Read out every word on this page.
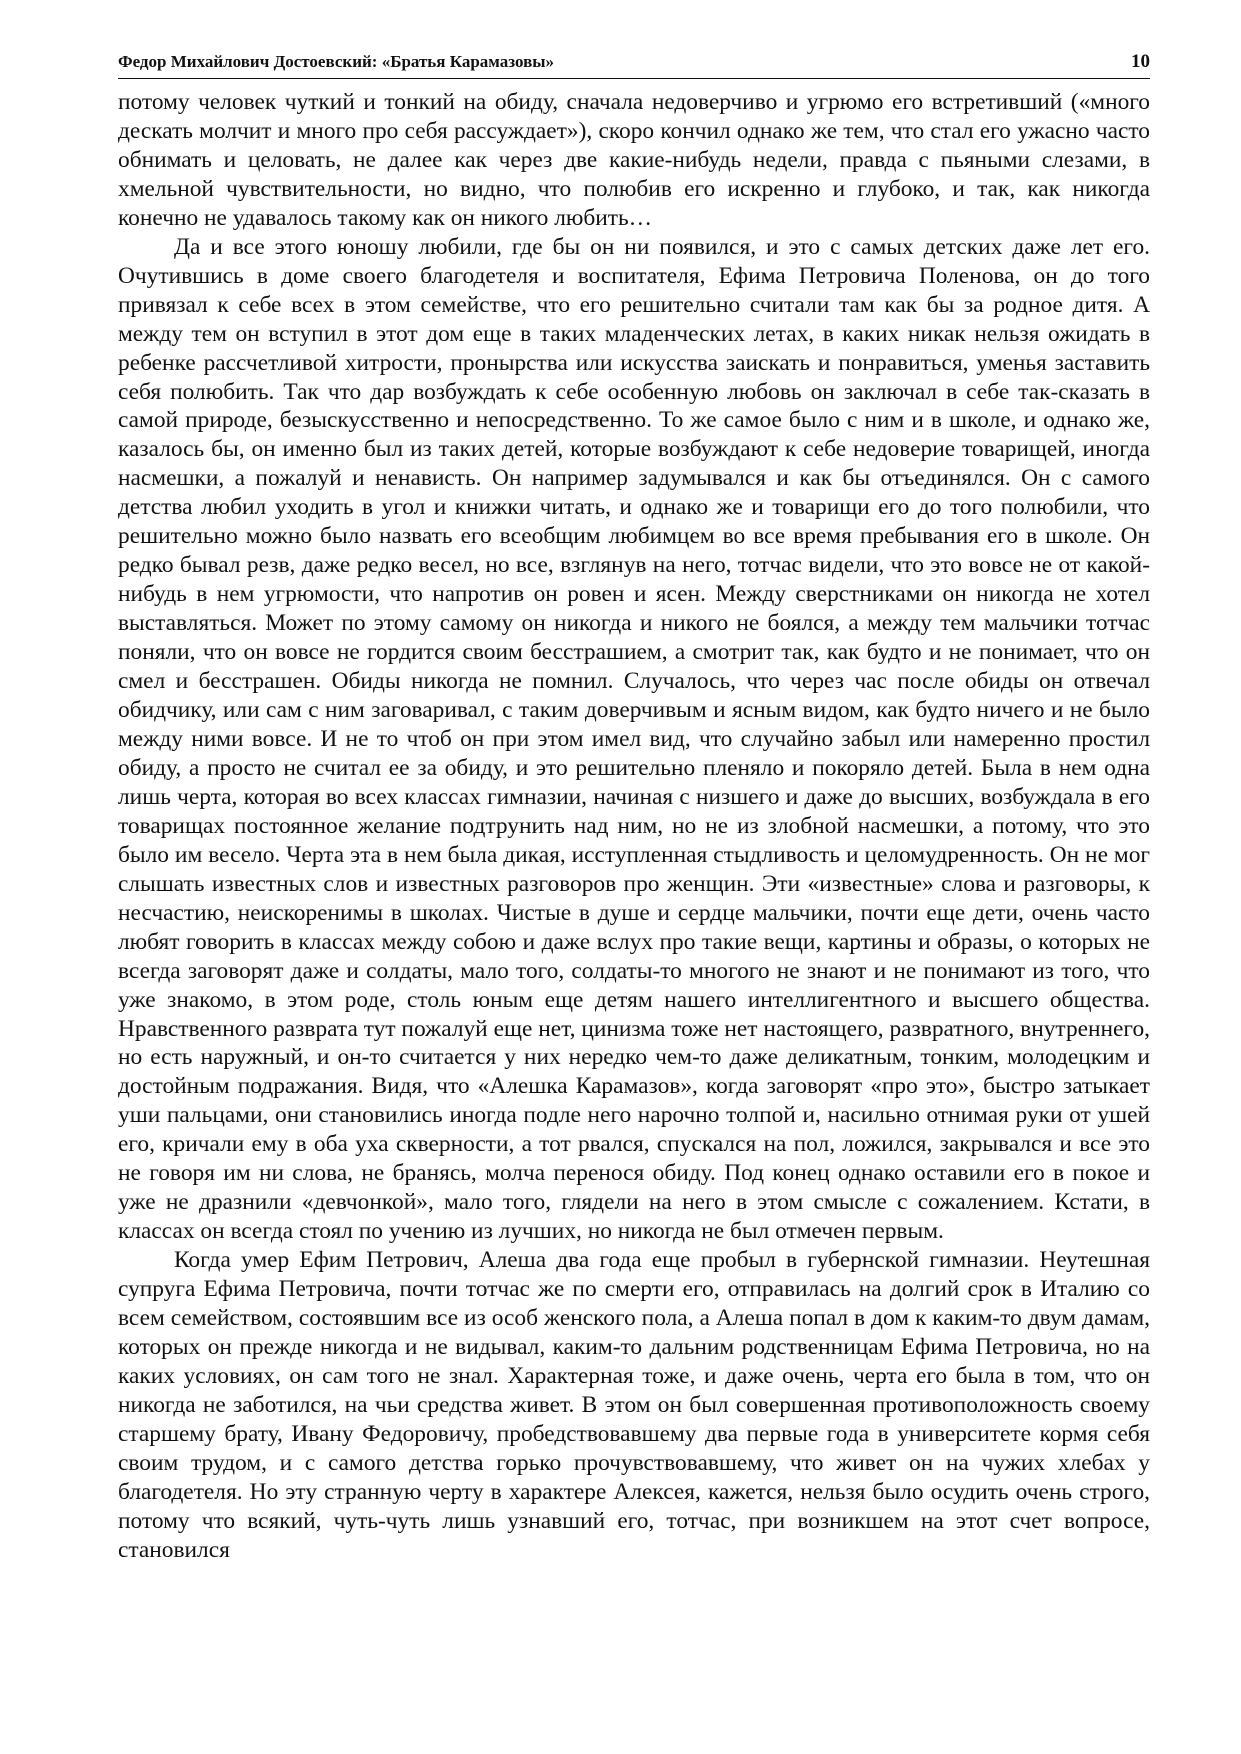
Федор Михайлович Достоевский: «Братья Карамазовы»	10

потому человек чуткий и тонкий на обиду, сначала недоверчиво и угрюмо его встретивший («много дескать молчит и много про себя рассуждает»), скоро кончил однако же тем, что стал его ужасно часто обнимать и целовать, не далее как через две какие-нибудь недели, правда с пьяными слезами, в хмельной чувствительности, но видно, что полюбив его искренно и глубоко, и так, как никогда конечно не удавалось такому как он никого любить…

Да и все этого юношу любили, где бы он ни появился, и это с самых детских даже лет его. Очутившись в доме своего благодетеля и воспитателя, Ефима Петровича Поленова, он до того привязал к себе всех в этом семействе, что его решительно считали там как бы за родное дитя. А между тем он вступил в этот дом еще в таких младенческих летах, в каких никак нельзя ожидать в ребенке рассчетливой хитрости, пронырства или искусства заискать и понравиться, уменья заставить себя полюбить. Так что дар возбуждать к себе особенную любовь он заключал в себе так-сказать в самой природе, безыскусственно и непосредственно. То же самое было с ним и в школе, и однако же, казалось бы, он именно был из таких детей, которые возбуждают к себе недоверие товарищей, иногда насмешки, а пожалуй и ненависть. Он например задумывался и как бы отъединялся. Он с самого детства любил уходить в угол и книжки читать, и однако же и товарищи его до того полюбили, что решительно можно было назвать его всеобщим любимцем во все время пребывания его в школе. Он редко бывал резв, даже редко весел, но все, взглянув на него, тотчас видели, что это вовсе не от какой-нибудь в нем угрюмости, что напротив он ровен и ясен. Между сверстниками он никогда не хотел выставляться. Может по этому самому он никогда и никого не боялся, а между тем мальчики тотчас поняли, что он вовсе не гордится своим бесстрашием, а смотрит так, как будто и не понимает, что он смел и бесстрашен. Обиды никогда не помнил. Случалось, что через час после обиды он отвечал обидчику, или сам с ним заговаривал, с таким доверчивым и ясным видом, как будто ничего и не было между ними вовсе. И не то чтоб он при этом имел вид, что случайно забыл или намеренно простил обиду, а просто не считал ее за обиду, и это решительно пленяло и покоряло детей. Была в нем одна лишь черта, которая во всех классах гимназии, начиная с низшего и даже до высших, возбуждала в его товарищах постоянное желание подтрунить над ним, но не из злобной насмешки, а потому, что это было им весело. Черта эта в нем была дикая, исступленная стыдливость и целомудренность. Он не мог слышать известных слов и известных разговоров про женщин. Эти «известные» слова и разговоры, к несчастию, неискоренимы в школах. Чистые в душе и сердце мальчики, почти еще дети, очень часто любят говорить в классах между собою и даже вслух про такие вещи, картины и образы, о которых не всегда заговорят даже и солдаты, мало того, солдаты-то многого не знают и не понимают из того, что уже знакомо, в этом роде, столь юным еще детям нашего интеллигентного и высшего общества. Нравственного разврата тут пожалуй еще нет, цинизма тоже нет настоящего, развратного, внутреннего, но есть наружный, и он-то считается у них нередко чем-то даже деликатным, тонким, молодецким и достойным подражания. Видя, что «Алешка Карамазов», когда заговорят «про это», быстро затыкает уши пальцами, они становились иногда подле него нарочно толпой и, насильно отнимая руки от ушей его, кричали ему в оба уха скверности, а тот рвался, спускался на пол, ложился, закрывался и все это не говоря им ни слова, не бранясь, молча перенося обиду. Под конец однако оставили его в покое и уже не дразнили «девчонкой», мало того, глядели на него в этом смысле с сожалением. Кстати, в классах он всегда стоял по учению из лучших, но никогда не был отмечен первым.

Когда умер Ефим Петрович, Алеша два года еще пробыл в губернской гимназии. Неутешная супруга Ефима Петровича, почти тотчас же по смерти его, отправилась на долгий срок в Италию со всем семейством, состоявшим все из особ женского пола, а Алеша попал в дом к каким-то двум дамам, которых он прежде никогда и не видывал, каким-то дальним родственницам Ефима Петровича, но на каких условиях, он сам того не знал. Характерная тоже, и даже очень, черта его была в том, что он никогда не заботился, на чьи средства живет. В этом он был совершенная противоположность своему старшему брату, Ивану Федоровичу, пробедствовавшему два первые года в университете кормя себя своим трудом, и с самого детства горько прочувствовавшему, что живет он на чужих хлебах у благодетеля. Но эту странную черту в характере Алексея, кажется, нельзя было осудить очень строго, потому что всякий, чуть-чуть лишь узнавший его, тотчас, при возникшем на этот счет вопросе, становился
